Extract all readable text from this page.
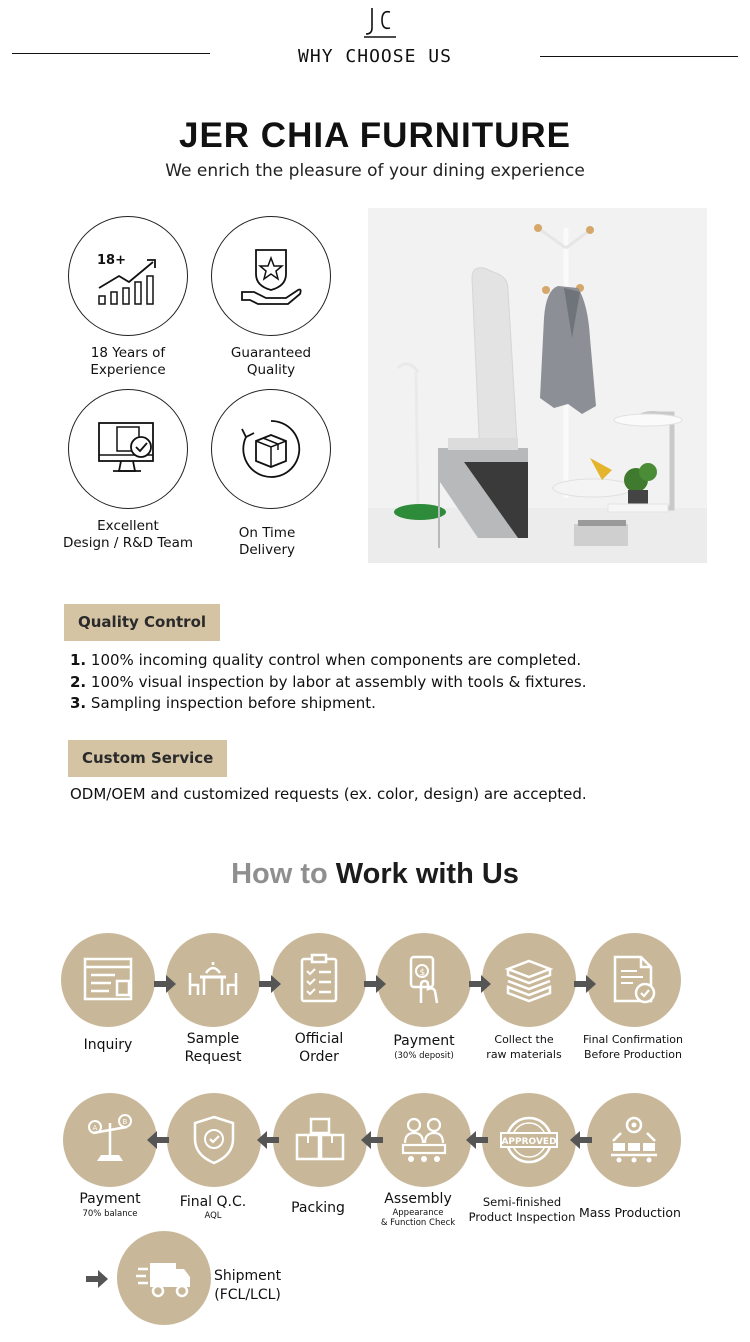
WHY CHOOSE US
JER CHIA FURNITURE
We enrich the pleasure of your dining experience
18+
18 Years of
Experience
Guaranteed
Quality
Excellent
Design / R&D Team
On Time
Delivery
Quality Control
1. 100% incoming quality control when components are completed.
2. 100% visual inspection by labor at assembly with tools & fixtures.
3. Sampling inspection before shipment.
Custom Service
ODM/OEM and customized requests (ex. color, design) are accepted.
How to Work with Us
$
Inquiry	Sample
Request
Official
Order
Payment
(30% deposit)
Collect the
raw materials
Final Confirmation
Before Production
A
B
APPROVED
Payment
70% balance
Final Q.C.
AQL	Packing
Assembly
Appearance
& Function Check
Semi-finished
Product Inspection Mass Production
Shipment
(FCL/LCL)
